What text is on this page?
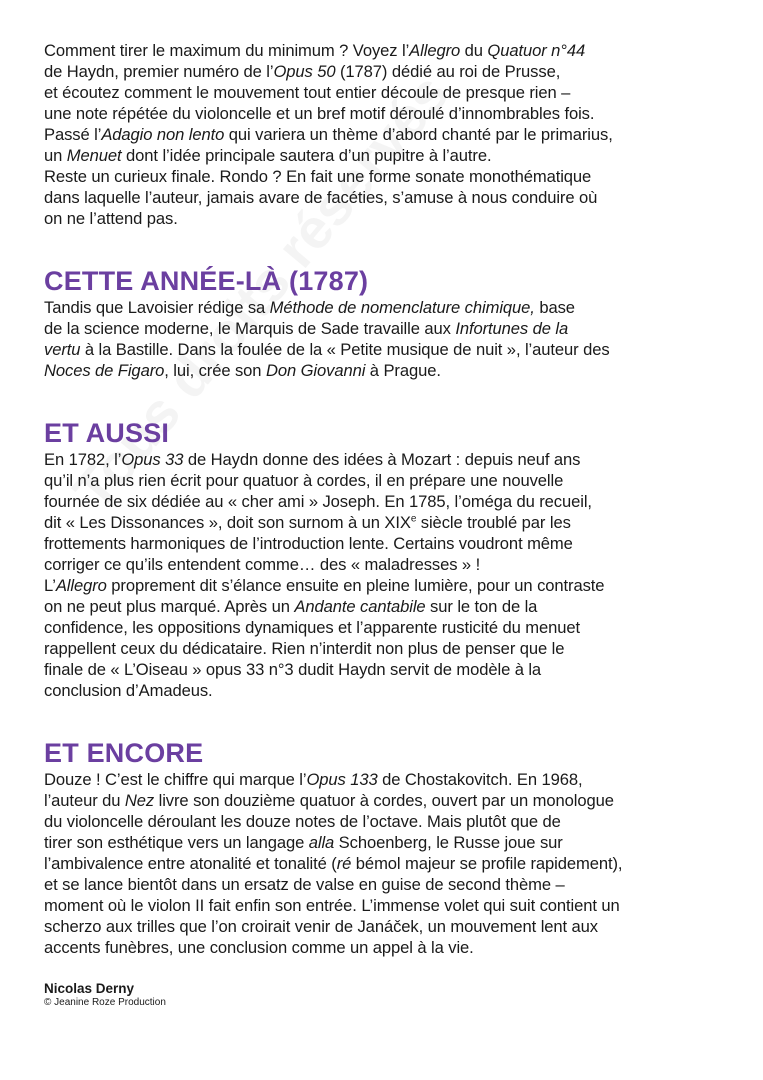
Comment tirer le maximum du minimum ? Voyez l’Allegro du Quatuor n°44
de Haydn, premier numéro de l’Opus 50 (1787) dédié au roi de Prusse,
et écoutez comment le mouvement tout entier découle de presque rien –
une note répétée du violoncelle et un bref motif déroulé d’innombrables fois.
Passé l’Adagio non lento qui variera un thème d’abord chanté par le primarius,
un Menuet dont l’idée principale sautera d’un pupitre à l’autre.
Reste un curieux finale. Rondo ? En fait une forme sonate monothématique
dans laquelle l’auteur, jamais avare de facéties, s’amuse à nous conduire où
on ne l’attend pas.

CETTE ANNÉE-LÀ (1787)

Tandis que Lavoisier rédige sa Méthode de nomenclature chimique, base
de la science moderne, le Marquis de Sade travaille aux Infortunes de la
vertu à la Bastille. Dans la foulée de la « Petite musique de nuit », l’auteur des
Noces de Figaro, lui, crée son Don Giovanni à Prague.

ET AUSSI

En 1782, l’Opus 33 de Haydn donne des idées à Mozart : depuis neuf ans
qu’il n’a plus rien écrit pour quatuor à cordes, il en prépare une nouvelle
fournée de six dédiée au « cher ami » Joseph. En 1785, l’oméga du recueil,
dit « Les Dissonances », doit son surnom à un XIXe siècle troublé par les
frottements harmoniques de l’introduction lente. Certains voudront même
corriger ce qu’ils entendent comme… des « maladresses » !
L’Allegro proprement dit s’élance ensuite en pleine lumière, pour un contraste
on ne peut plus marqué. Après un Andante cantabile sur le ton de la
confidence, les oppositions dynamiques et l’apparente rusticité du menuet
rappellent ceux du dédicataire. Rien n’interdit non plus de penser que le
finale de « L’Oiseau » opus 33 n°3 dudit Haydn servit de modèle à la
conclusion d’Amadeus.

ET ENCORE

Douze ! C’est le chiffre qui marque l’Opus 133 de Chostakovitch. En 1968,
l’auteur du Nez livre son douzième quatuor à cordes, ouvert par un monologue
du violoncelle déroulant les douze notes de l’octave. Mais plutôt que de
tirer son esthétique vers un langage alla Schoenberg, le Russe joue sur
l’ambivalence entre atonalité et tonalité (ré bémol majeur se profile rapidement),
et se lance bientôt dans un ersatz de valse en guise de second thème –
moment où le violon II fait enfin son entrée. L’immense volet qui suit contient un
scherzo aux trilles que l’on croirait venir de Janáček, un mouvement lent aux
accents funèbres, une conclusion comme un appel à la vie.

Nicolas Derny
© Jeanine Roze Production
